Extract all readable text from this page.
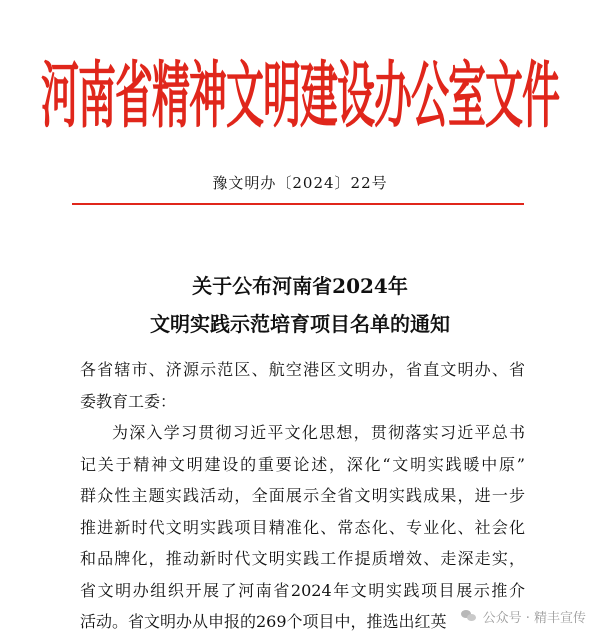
河南省精神文明建设办公室文件
豫文明办〔2024〕22号
关于公布河南省2024年
文明实践示范培育项目名单的通知

各省辖市、济源示范区、航空港区文明办，省直文明办、省

委教育工委：

为深入学习贯彻习近平文化思想，贯彻落实习近平总书

记关于精神文明建设的重要论述，深化“文明实践暖中原”

群众性主题实践活动，全面展示全省文明实践成果，进一步

推进新时代文明实践项目精准化、常态化、专业化、社会化

和品牌化，推动新时代文明实践工作提质增效、走深走实，

省文明办组织开展了河南省2024年文明实践项目展示推介

活动。省文明办从申报的269个项目中，推选出红英	公众号 · 精丰宣传
